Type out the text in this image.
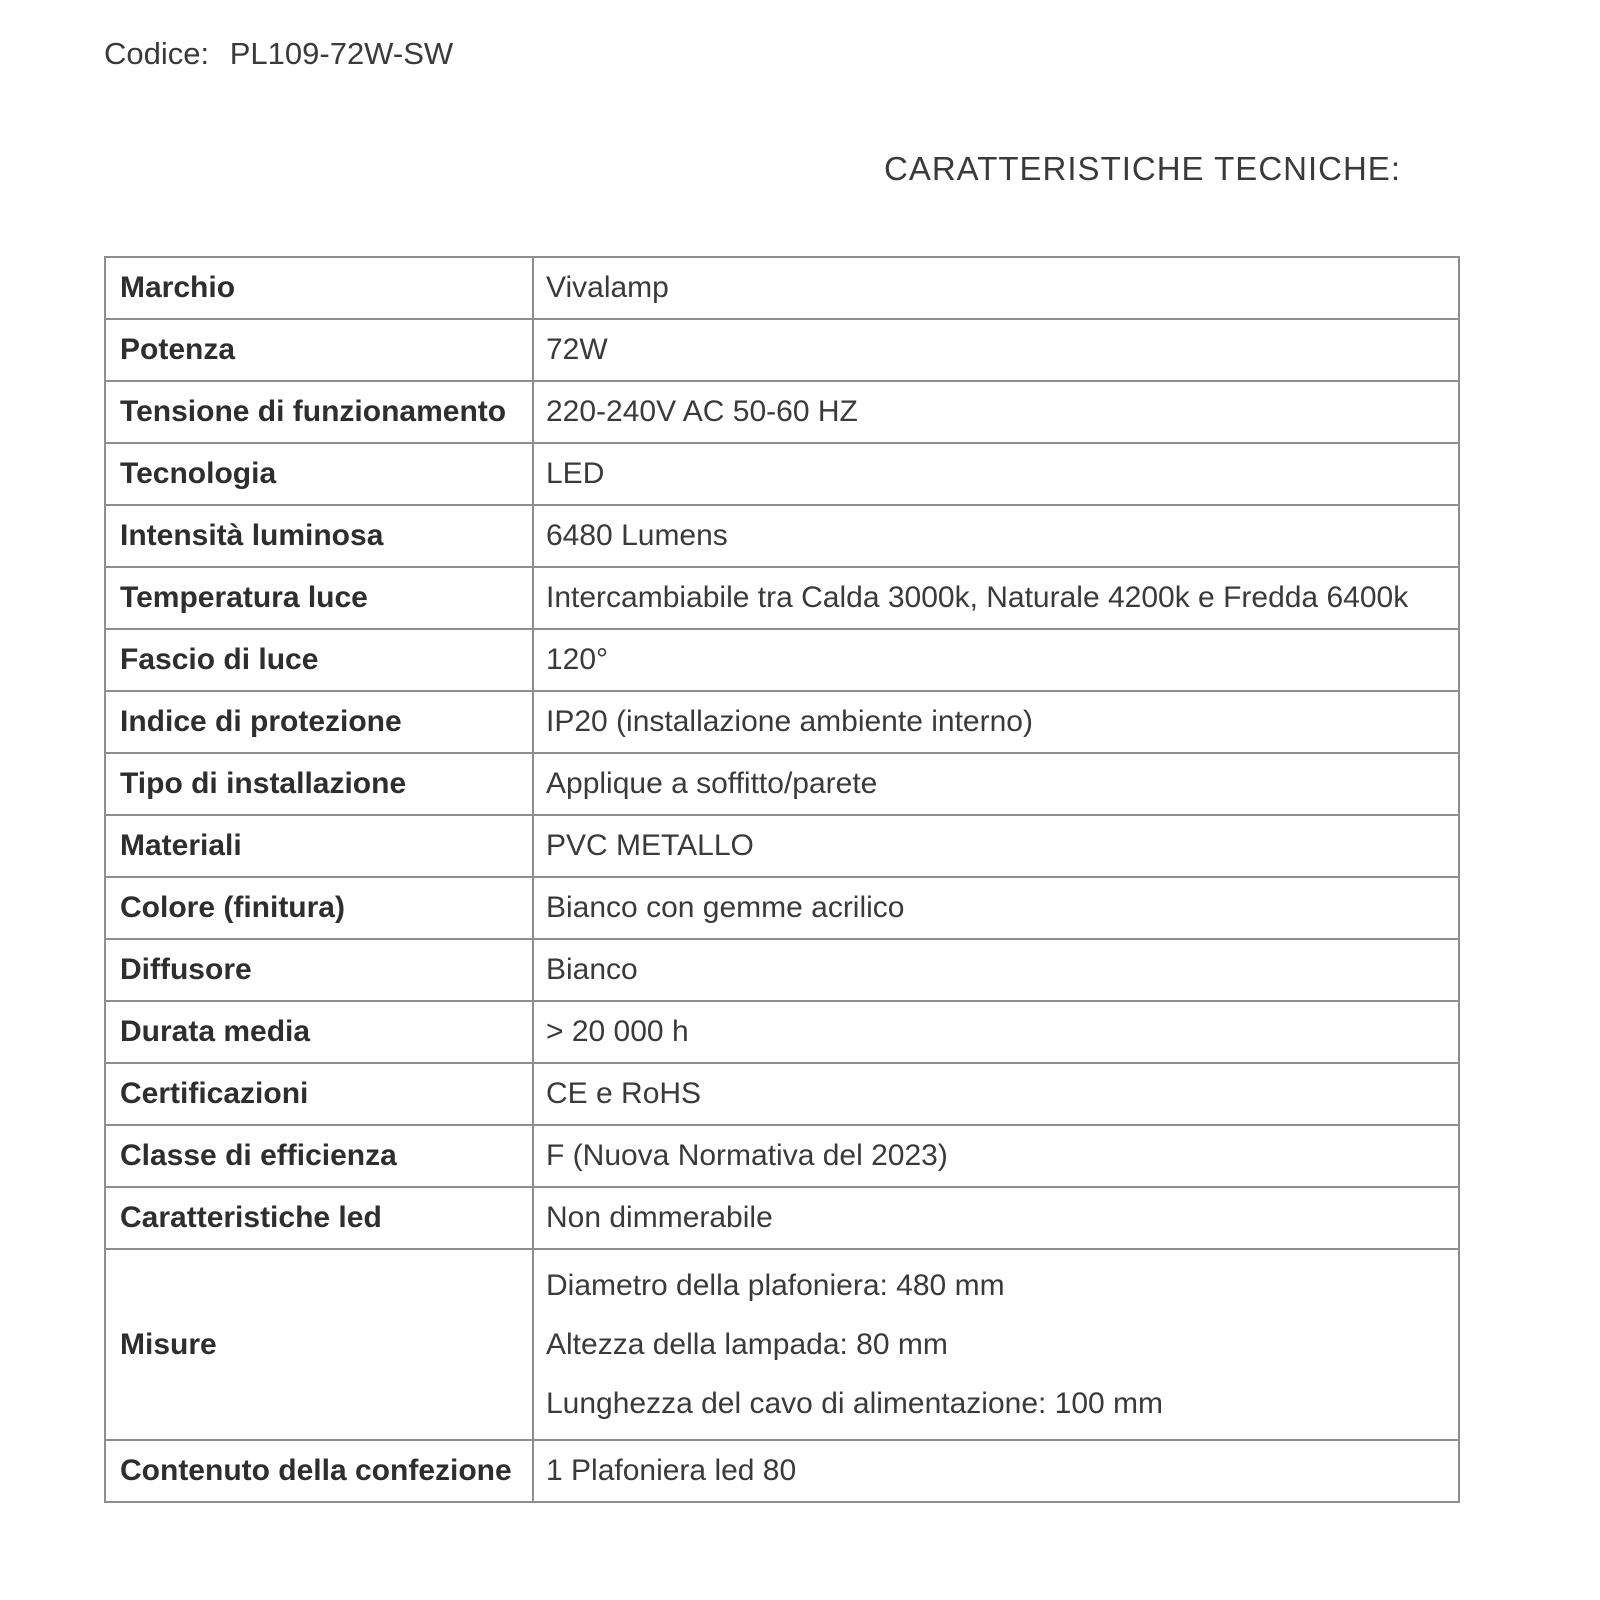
Codice: PL109-72W-SW
CARATTERISTICHE TECNICHE:
Marchio	Vivalamp
Potenza	72W
Tensione di funzionamento	220-240V AC 50-60 HZ
Tecnologia	LED
Intensità luminosa	6480 Lumens
Temperatura luce	Intercambiabile tra Calda 3000k, Naturale 4200k e Fredda 6400k
Fascio di luce	120°
Indice di protezione	IP20 (installazione ambiente interno)
Tipo di installazione	Applique a soffitto/parete
Materiali	PVC METALLO
Colore (finitura)	Bianco con gemme acrilico
Diffusore	Bianco
Durata media	> 20 000 h
Certificazioni	CE e RoHS
Classe di efficienza	F (Nuova Normativa del 2023)
Caratteristiche led	Non dimmerabile
Misure	Diametro della plafoniera: 480 mm
Altezza della lampada: 80 mm
Lunghezza del cavo di alimentazione: 100 mm

Contenuto della confezione	1 Plafoniera led 80
